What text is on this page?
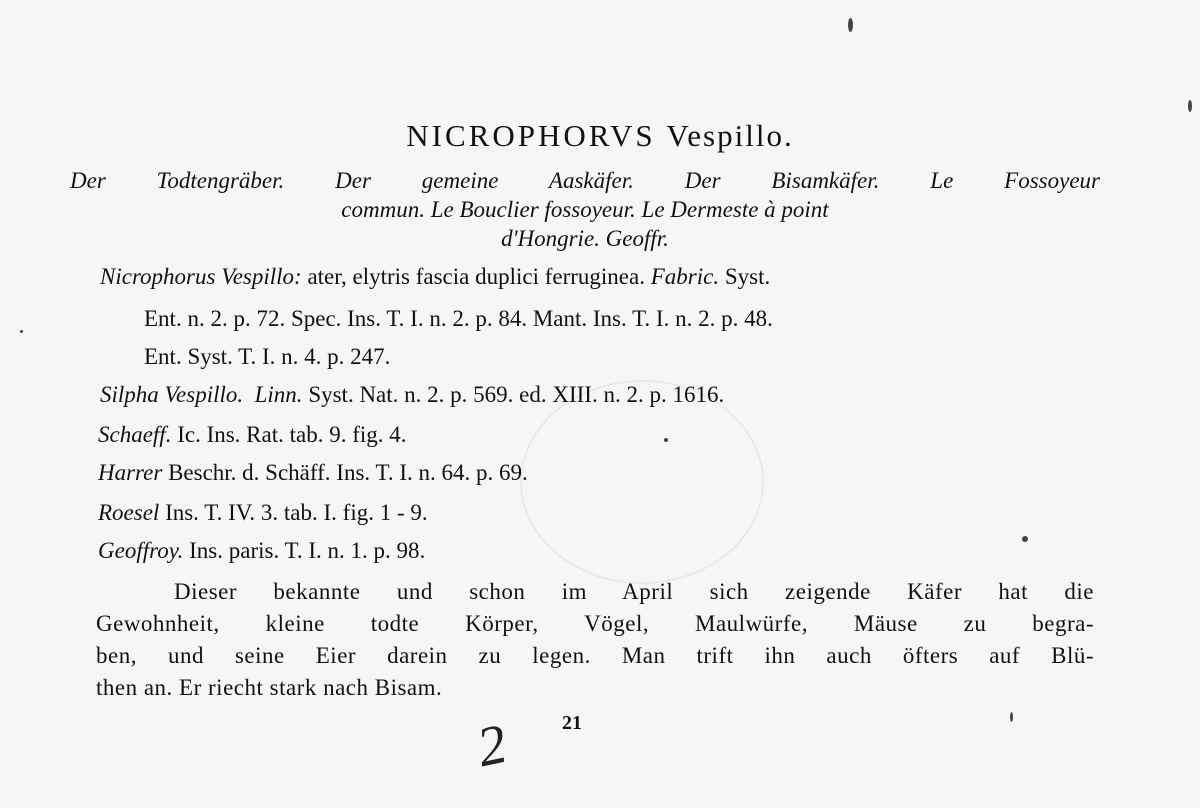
NICROPHORVS Vespillo.
Der Todtengräber. Der gemeine Aaskäfer. Der Bisamkäfer. Le Fossoyeur
commun. Le Bouclier fossoyeur. Le Dermeste à point
d'Hongrie. Geoffr.
Nicrophorus Vespillo: ater, elytris fascia duplici ferruginea. Fabric. Syst.
Ent. n. 2. p. 72. Spec. Ins. T. I. n. 2. p. 84. Mant. Ins. T. I. n. 2. p. 48.
Ent. Syst. T. I. n. 4. p. 247.
Silpha Vespillo. Linn. Syst. Nat. n. 2. p. 569. ed. XIII. n. 2. p. 1616.
Schaeff. Ic. Ins. Rat. tab. 9. fig. 4.
Harrer Beschr. d. Schäff. Ins. T. I. n. 64. p. 69.
Roesel Ins. T. IV. 3. tab. I. fig. 1 - 9.
Geoffroy. Ins. paris. T. I. n. 1. p. 98.
Dieser bekannte und schon im April sich zeigende Käfer hat die
Gewohnheit, kleine todte Körper, Vögel, Maulwürfe, Mäuse zu begra-
ben, und seine Eier darein zu legen. Man trift ihn auch öfters auf Blü-
then an. Er riecht stark nach Bisam.
2 21
